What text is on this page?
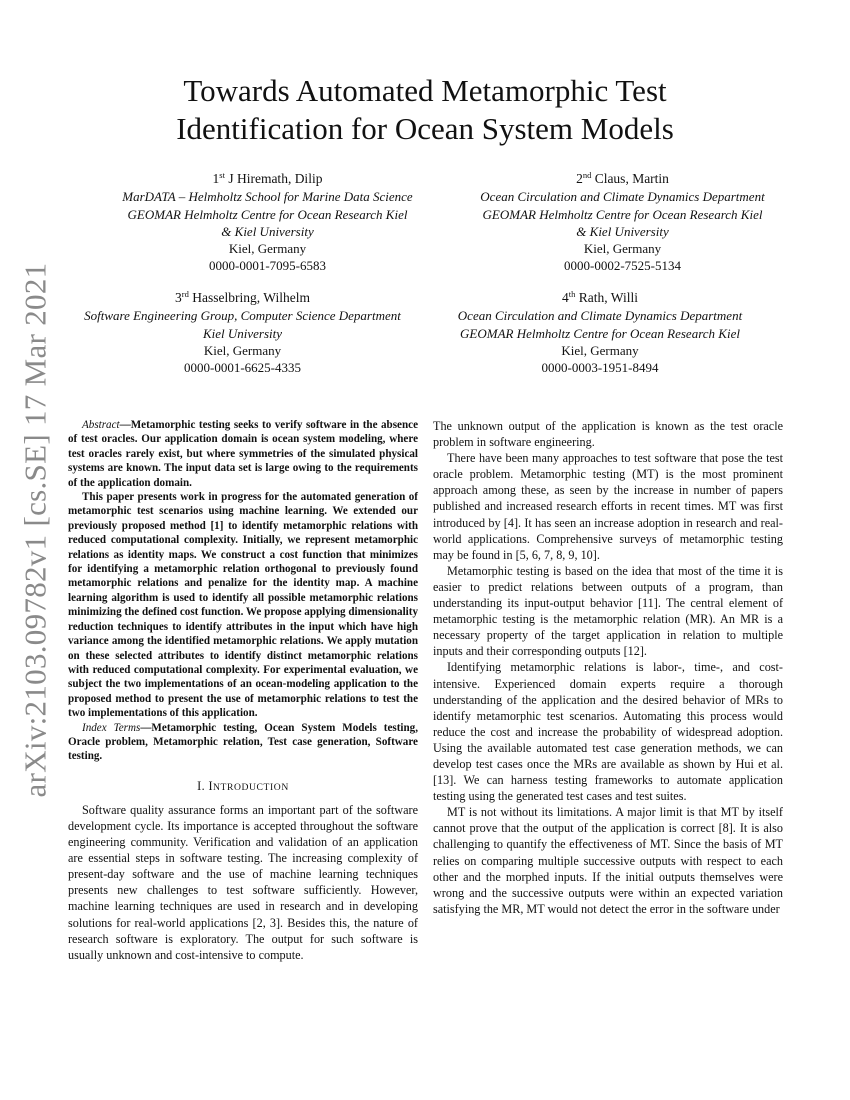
arXiv:2103.09782v1 [cs.SE] 17 Mar 2021
Towards Automated Metamorphic Test
Identification for Ocean System Models
1st J Hiremath, Dilip
MarDATA – Helmholtz School for Marine Data Science
GEOMAR Helmholtz Centre for Ocean Research Kiel
& Kiel University
Kiel, Germany
0000-0001-7095-6583
2nd Claus, Martin
Ocean Circulation and Climate Dynamics Department
GEOMAR Helmholtz Centre for Ocean Research Kiel
& Kiel University
Kiel, Germany
0000-0002-7525-5134
3rd Hasselbring, Wilhelm
Software Engineering Group, Computer Science Department
Kiel University
Kiel, Germany
0000-0001-6625-4335
4th Rath, Willi
Ocean Circulation and Climate Dynamics Department
GEOMAR Helmholtz Centre for Ocean Research Kiel
Kiel, Germany
0000-0003-1951-8494

Abstract—Metamorphic testing seeks to verify software in the absence of test oracles. Our application domain is ocean system modeling, where test oracles rarely exist, but where symmetries of the simulated physical systems are known. The input data set is large owing to the requirements of the application domain.

This paper presents work in progress for the automated generation of metamorphic test scenarios using machine learning. We extended our previously proposed method [1] to identify metamorphic relations with reduced computational complexity. Initially, we represent metamorphic relations as identity maps. We construct a cost function that minimizes for identifying a metamorphic relation orthogonal to previously found metamorphic relations and penalize for the identity map. A machine learning algorithm is used to identify all possible metamorphic relations minimizing the defined cost function. We propose applying dimensionality reduction techniques to identify attributes in the input which have high variance among the identified metamorphic relations. We apply mutation on these selected attributes to identify distinct metamorphic relations with reduced computational complexity. For experimental evaluation, we subject the two implementations of an ocean-modeling application to the proposed method to present the use of metamorphic relations to test the two implementations of this application.

Index Terms—Metamorphic testing, Ocean System Models testing, Oracle problem, Metamorphic relation, Test case generation, Software testing.

I. INTRODUCTION

Software quality assurance forms an important part of the software development cycle. Its importance is accepted throughout the software engineering community. Verification and validation of an application are essential steps in software testing. The increasing complexity of present-day software and the use of machine learning techniques presents new challenges to test software sufficiently. However, machine learning techniques are used in research and in developing solutions for real-world applications [2, 3]. Besides this, the nature of research software is exploratory. The output for such software is usually unknown and cost-intensive to compute.

The unknown output of the application is known as the test oracle problem in software engineering.

There have been many approaches to test software that pose the test oracle problem. Metamorphic testing (MT) is the most prominent approach among these, as seen by the increase in number of papers published and increased research efforts in recent times. MT was first introduced by [4]. It has seen an increase adoption in research and real-world applications. Comprehensive surveys of metamorphic testing may be found in [5, 6, 7, 8, 9, 10].

Metamorphic testing is based on the idea that most of the time it is easier to predict relations between outputs of a program, than understanding its input-output behavior [11]. The central element of metamorphic testing is the metamorphic relation (MR). An MR is a necessary property of the target application in relation to multiple inputs and their corresponding outputs [12].

Identifying metamorphic relations is labor-, time-, and cost-intensive. Experienced domain experts require a thorough understanding of the application and the desired behavior of MRs to identify metamorphic test scenarios. Automating this process would reduce the cost and increase the probability of widespread adoption. Using the available automated test case generation methods, we can develop test cases once the MRs are available as shown by Hui et al. [13]. We can harness testing frameworks to automate application testing using the generated test cases and test suites.

MT is not without its limitations. A major limit is that MT by itself cannot prove that the output of the application is correct [8]. It is also challenging to quantify the effectiveness of MT. Since the basis of MT relies on comparing multiple successive outputs with respect to each other and the morphed inputs. If the initial outputs themselves were wrong and the successive outputs were within an expected variation satisfying the MR, MT would not detect the error in the software under
